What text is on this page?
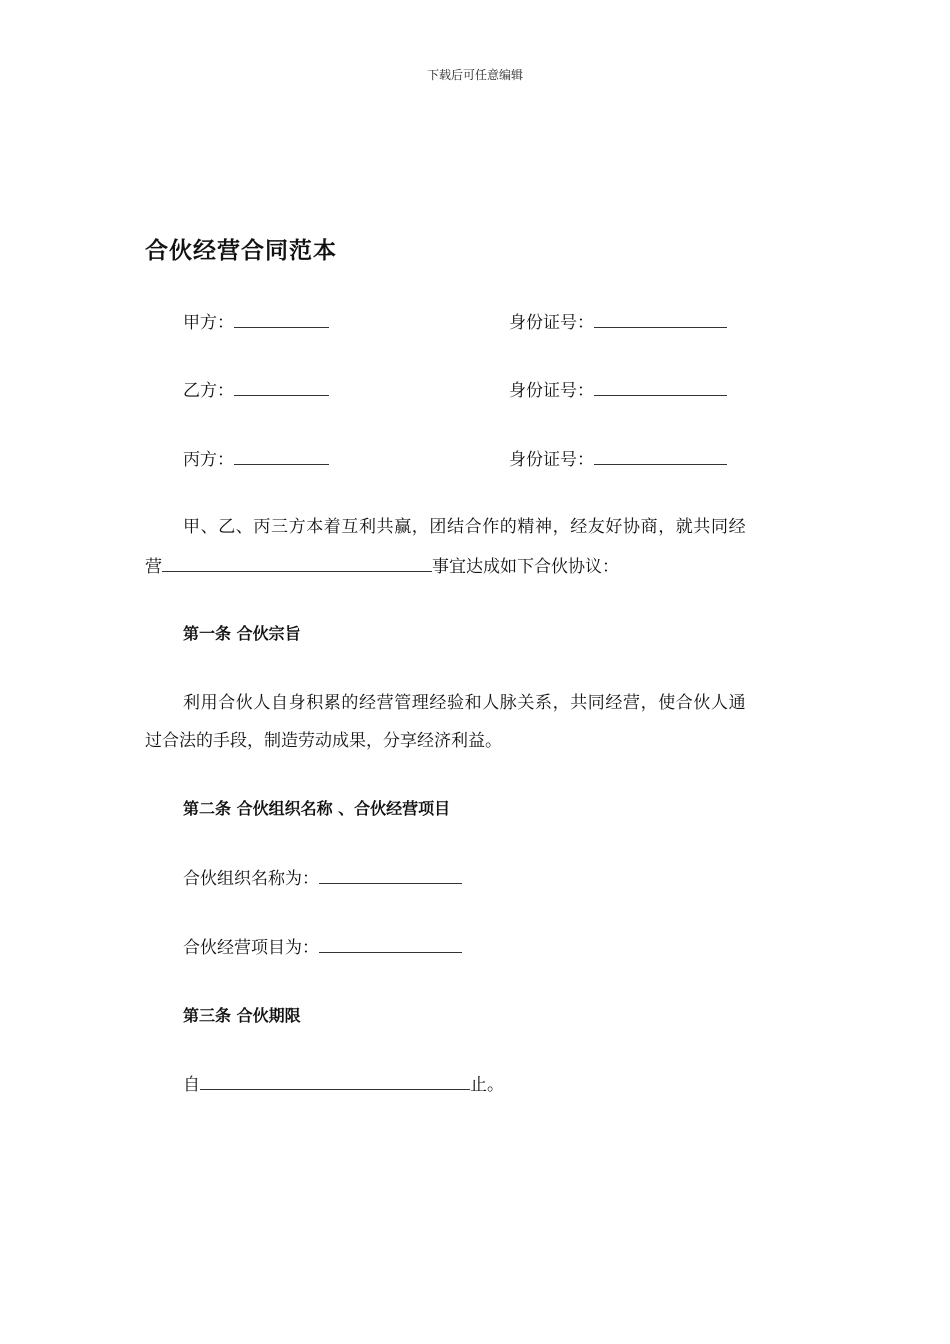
下载后可任意编辑
合伙经营合同范本
甲方：	身份证号：
乙方：	身份证号：
丙方：	身份证号：
甲、乙、丙三方本着互利共赢，团结合作的精神，经友好协商，就共同经
营	事宜达成如下合伙协议：
第一条 合伙宗旨
利用合伙人自身积累的经营管理经验和人脉关系，共同经营，使合伙人通
过合法的手段，制造劳动成果，分享经济利益。
第二条 合伙组织名称 、合伙经营项目
合伙组织名称为：
合伙经营项目为：
第三条 合伙期限
自	止。
